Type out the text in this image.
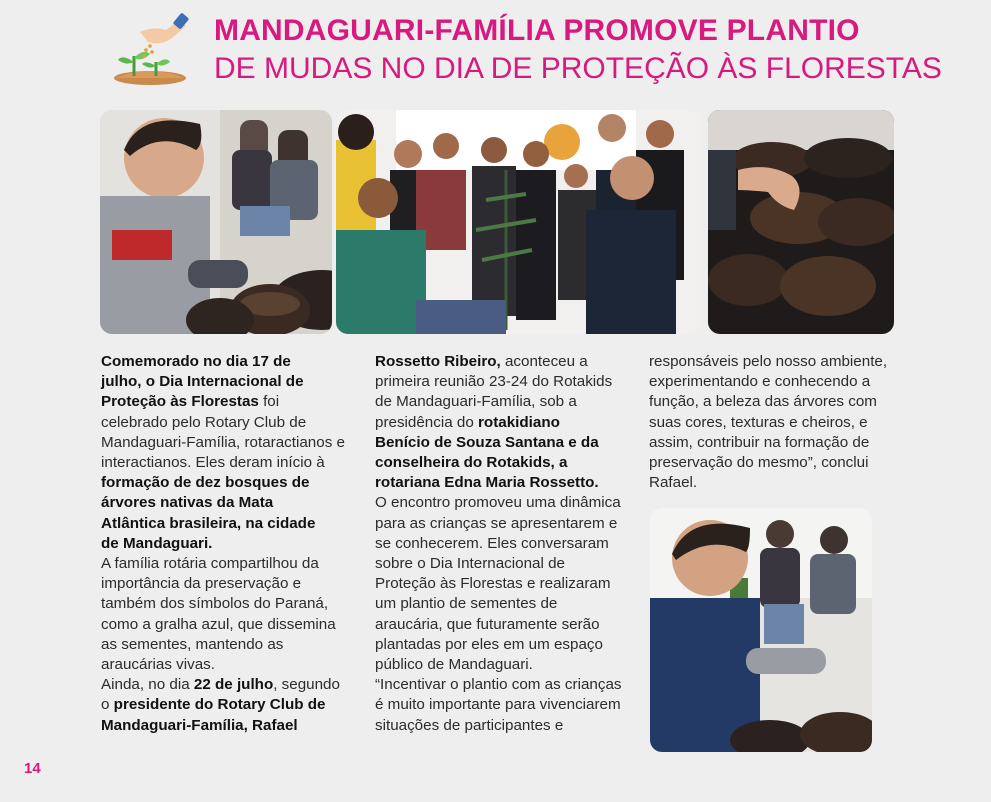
MANDAGUARI-FAMÍLIA PROMOVE PLANTIO
DE MUDAS NO DIA DE PROTEÇÃO ÀS FLORESTAS
Comemorado no dia 17 de
julho, o Dia Internacional de
Proteção às Florestas foi
celebrado pelo Rotary Club de
Mandaguari-Família, rotaractianos e
interactianos. Eles deram início à
formação de dez bosques de
árvores nativas da Mata
Atlântica brasileira, na cidade
de Mandaguari.
A família rotária compartilhou da
importância da preservação e
também dos símbolos do Paraná,
como a gralha azul, que dissemina
as sementes, mantendo as
araucárias vivas.
Ainda, no dia 22 de julho, segundo
o presidente do Rotary Club de
Mandaguari-Família, Rafael
Rossetto Ribeiro, aconteceu a
primeira reunião 23-24 do Rotakids
de Mandaguari-Família, sob a
presidência do rotakidiano
Benício de Souza Santana e da
conselheira do Rotakids, a
rotariana Edna Maria Rossetto.
O encontro promoveu uma dinâmica
para as crianças se apresentarem e
se conhecerem. Eles conversaram
sobre o Dia Internacional de
Proteção às Florestas e realizaram
um plantio de sementes de
araucária, que futuramente serão
plantadas por eles em um espaço
público de Mandaguari.
“Incentivar o plantio com as crianças
é muito importante para vivenciarem
situações de participantes e
responsáveis pelo nosso ambiente,
experimentando e conhecendo a
função, a beleza das árvores com
suas cores, texturas e cheiros, e
assim, contribuir na formação de
preservação do mesmo”, conclui
Rafael.
14
